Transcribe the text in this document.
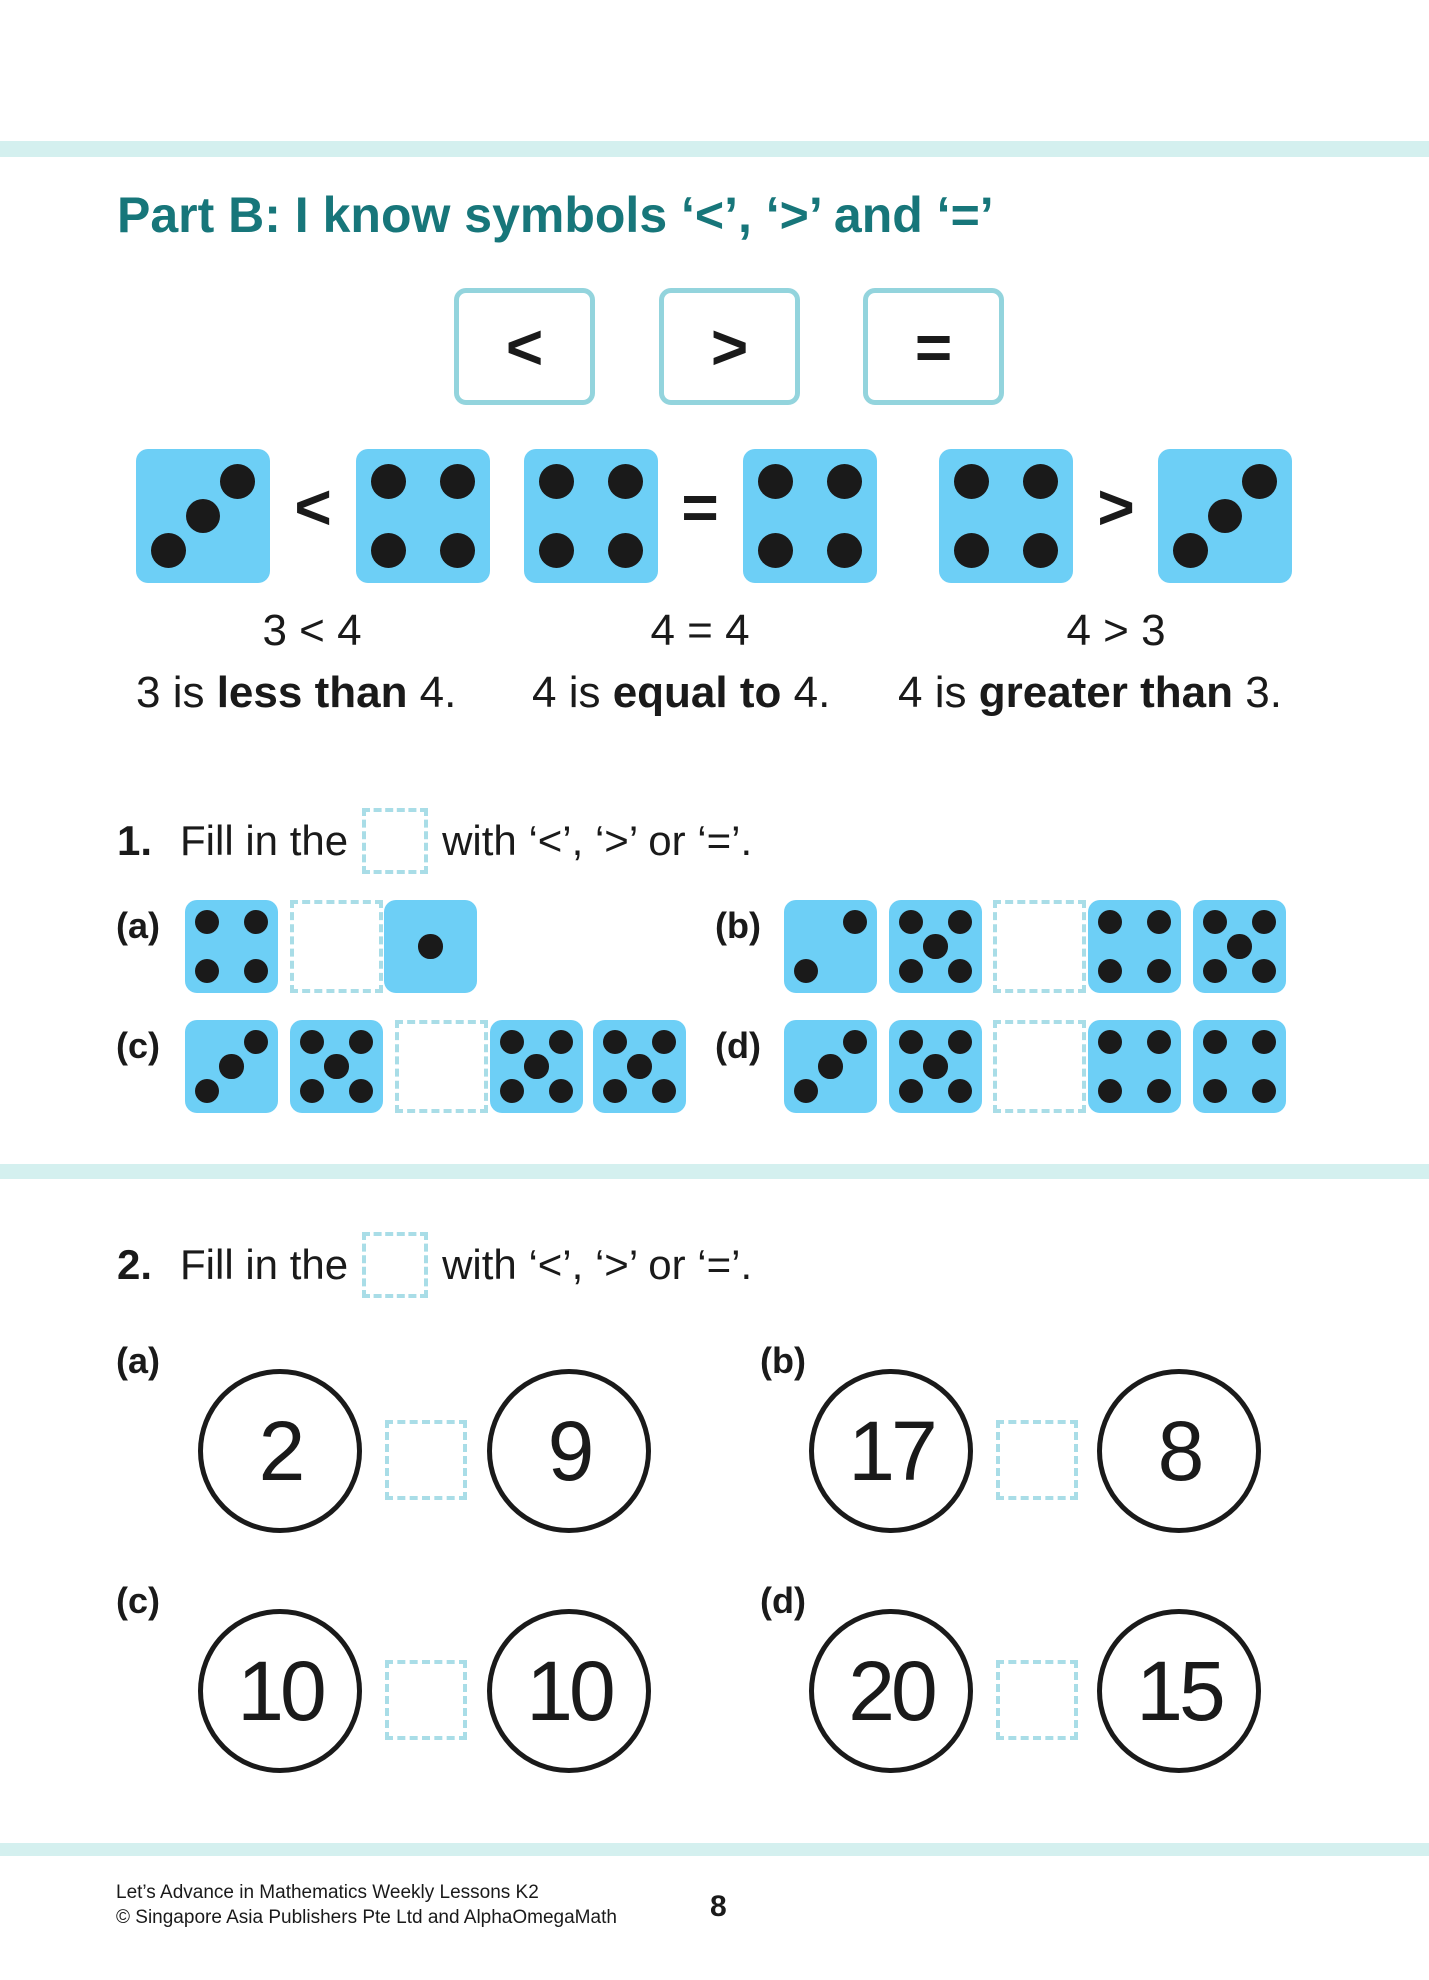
Part B: I know symbols ‘<’, ‘>’ and ‘=’
<	>	=
<	=	>
3 < 4	4 = 4	4 > 3
3 is less than 4. 4 is equal to 4. 4 is greater than 3.
1. Fill in the with ‘<’, ‘>’ or ‘=’.
(a)	(b)
(c)	(d)
2. Fill in the with ‘<’, ‘>’ or ‘=’.
(a)
2	9
(b)
17	8
(c)
10	10
(d)
20	15
Let’s Advance in Mathematics Weekly Lessons K2
© Singapore Asia Publishers Pte Ltd and AlphaOmegaMath	8
